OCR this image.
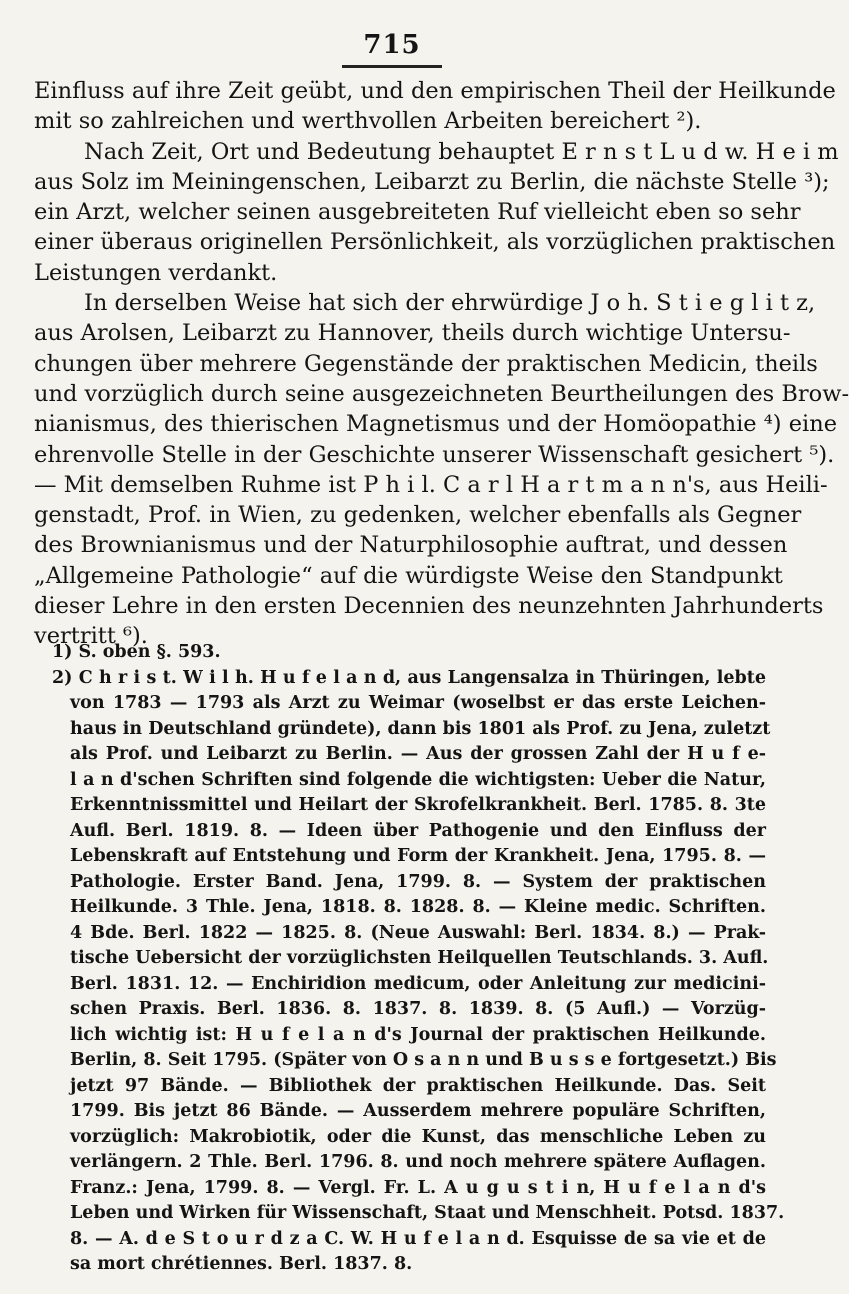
715
Einfluss auf ihre Zeit geübt, und den empirischen Theil der Heilkunde
mit so zahlreichen und werthvollen Arbeiten bereichert ²).
Nach Zeit, Ort und Bedeutung behauptet E r n s t L u d w. H e i m
aus Solz im Meiningenschen, Leibarzt zu Berlin, die nächste Stelle ³);
ein Arzt, welcher seinen ausgebreiteten Ruf vielleicht eben so sehr
einer überaus originellen Persönlichkeit, als vorzüglichen praktischen
Leistungen verdankt.
In derselben Weise hat sich der ehrwürdige J o h. S t i e g l i t z,
aus Arolsen, Leibarzt zu Hannover, theils durch wichtige Untersu-
chungen über mehrere Gegenstände der praktischen Medicin, theils
und vorzüglich durch seine ausgezeichneten Beurtheilungen des Brow-
nianismus, des thierischen Magnetismus und der Homöopathie ⁴) eine
ehrenvolle Stelle in der Geschichte unserer Wissenschaft gesichert ⁵).
— Mit demselben Ruhme ist P h i l. C a r l H a r t m a n n's, aus Heili-
genstadt, Prof. in Wien, zu gedenken, welcher ebenfalls als Gegner
des Brownianismus und der Naturphilosophie auftrat, und dessen
„Allgemeine Pathologie“ auf die würdigste Weise den Standpunkt
dieser Lehre in den ersten Decennien des neunzehnten Jahrhunderts
vertritt ⁶).
1) S. oben §. 593.
2) C h r i s t. W i l h. H u f e l a n d, aus Langensalza in Thüringen, lebte
von 1783 — 1793 als Arzt zu Weimar (woselbst er das erste Leichen-
haus in Deutschland gründete), dann bis 1801 als Prof. zu Jena, zuletzt
als Prof. und Leibarzt zu Berlin. — Aus der grossen Zahl der H u f e-
l a n d'schen Schriften sind folgende die wichtigsten: Ueber die Natur,
Erkenntnissmittel und Heilart der Skrofelkrankheit. Berl. 1785. 8. 3te
Aufl. Berl. 1819. 8. — Ideen über Pathogenie und den Einfluss der
Lebenskraft auf Entstehung und Form der Krankheit. Jena, 1795. 8. —
Pathologie. Erster Band. Jena, 1799. 8. — System der praktischen
Heilkunde. 3 Thle. Jena, 1818. 8. 1828. 8. — Kleine medic. Schriften.
4 Bde. Berl. 1822 — 1825. 8. (Neue Auswahl: Berl. 1834. 8.) — Prak-
tische Uebersicht der vorzüglichsten Heilquellen Teutschlands. 3. Aufl.
Berl. 1831. 12. — Enchiridion medicum, oder Anleitung zur medicini-
schen Praxis. Berl. 1836. 8. 1837. 8. 1839. 8. (5 Aufl.) — Vorzüg-
lich wichtig ist: H u f e l a n d's Journal der praktischen Heilkunde.
Berlin, 8. Seit 1795. (Später von O s a n n und B u s s e fortgesetzt.) Bis
jetzt 97 Bände. — Bibliothek der praktischen Heilkunde. Das. Seit
1799. Bis jetzt 86 Bände. — Ausserdem mehrere populäre Schriften,
vorzüglich: Makrobiotik, oder die Kunst, das menschliche Leben zu
verlängern. 2 Thle. Berl. 1796. 8. und noch mehrere spätere Auflagen.
Franz.: Jena, 1799. 8. — Vergl. Fr. L. A u g u s t i n, H u f e l a n d's
Leben und Wirken für Wissenschaft, Staat und Menschheit. Potsd. 1837.
8. — A. d e S t o u r d z a C. W. H u f e l a n d. Esquisse de sa vie et de
sa mort chrétiennes. Berl. 1837. 8.
